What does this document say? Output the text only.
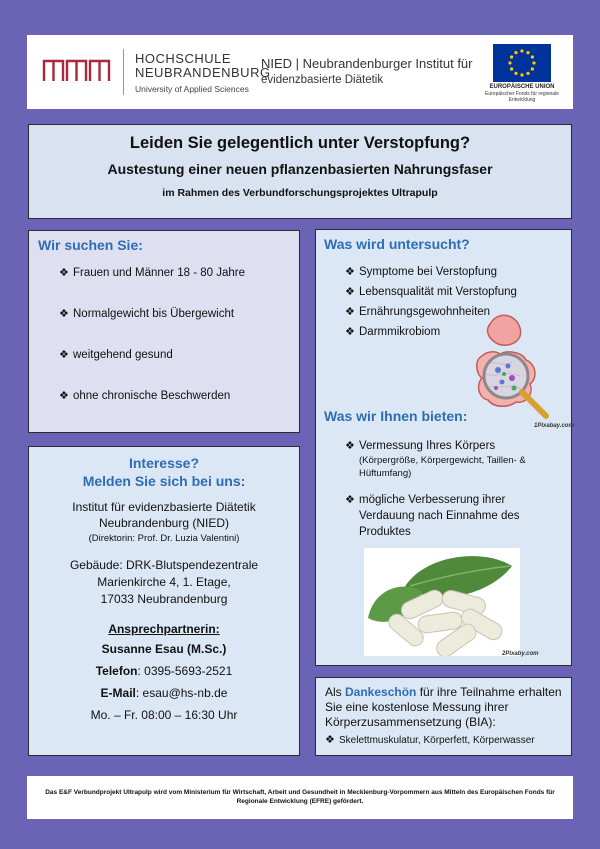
HOCHSCHULE
NEUBRANDENBURG
University of Applied Sciences
NIED | Neubrandenburger Institut für
evidenzbasierte Diätetik
EUROPÄISCHE UNION
Europäischer Fonds für regionale Entwicklung
Leiden Sie gelegentlich unter Verstopfung?
Austestung einer neuen pflanzenbasierten Nahrungsfaser
im Rahmen des Verbundforschungsprojektes Ultrapulp
Wir suchen Sie:
❖ Frauen und Männer 18 - 80 Jahre
❖ Normalgewicht bis Übergewicht
❖ weitgehend gesund
❖ ohne chronische Beschwerden
Was wird untersucht?
❖ Symptome bei Verstopfung
❖ Lebensqualität mit Verstopfung
❖ Ernährungsgewohnheiten
❖ Darmmikrobiom
1Pixabay.com
Was wir Ihnen bieten:
❖ Vermessung Ihres Körpers
(Körpergröße, Körpergewicht, Taillen- & Hüftumfang)
❖ mögliche Verbesserung ihrer
Verdauung nach Einnahme des
Produktes
2Pixaby.com
Interesse?
Melden Sie sich bei uns:
Institut für evidenzbasierte Diätetik
Neubrandenburg (NIED)
(Direktorin: Prof. Dr. Luzia Valentini)
Gebäude: DRK-Blutspendezentrale
Marienkirche 4, 1. Etage,
17033 Neubrandenburg
Ansprechpartnerin:
Susanne Esau (M.Sc.)
Telefon: 0395-5693-2521
E-Mail: esau@hs-nb.de
Mo. – Fr. 08:00 – 16:30 Uhr
Als Dankeschön für ihre Teilnahme erhalten Sie eine kostenlose Messung ihrer Körperzusammensetzung (BIA):
❖ Skelettmuskulatur, Körperfett, Körperwasser
Das E&F Verbundprojekt Ultrapulp wird vom Ministerium für Wirtschaft, Arbeit und Gesundheit in Mecklenburg-Vorpommern aus Mitteln des Europäischen Fonds für Regionale Entwicklung (EFRE) gefördert.
